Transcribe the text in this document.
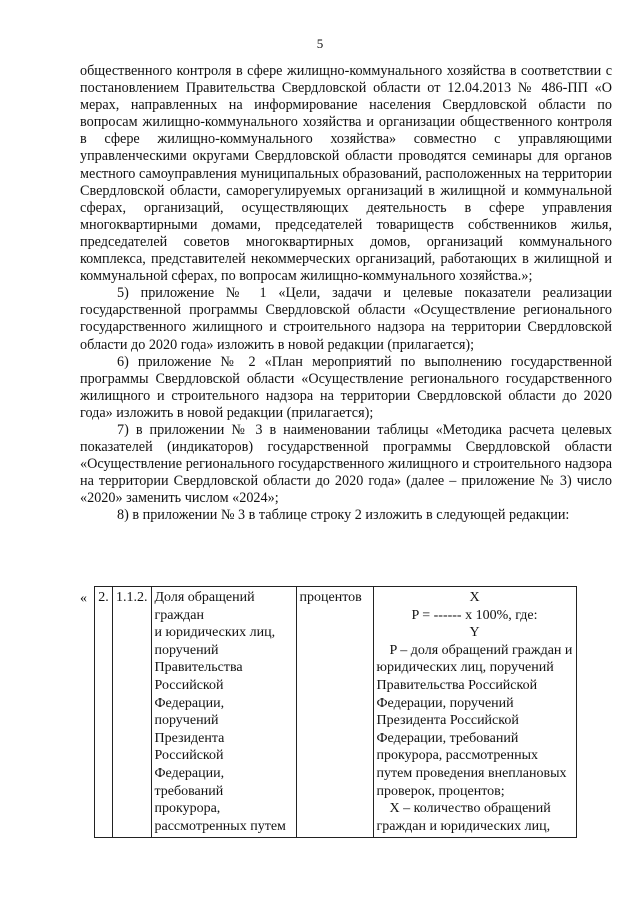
5

общественного контроля в сфере жилищно-коммунального хозяйства в соответствии с постановлением Правительства Свердловской области от 12.04.2013 № 486-ПП «О мерах, направленных на информирование населения Свердловской области по вопросам жилищно-коммунального хозяйства и организации общественного контроля в сфере жилищно-коммунального хозяйства» совместно с управляющими управленческими округами Свердловской области проводятся семинары для органов местного самоуправления муниципальных образований, расположенных на территории Свердловской области, саморегулируемых организаций в жилищной и коммунальной сферах, организаций, осуществляющих деятельность в сфере управления многоквартирными домами, председателей товариществ собственников жилья, председателей советов многоквартирных домов, организаций коммунального комплекса, представителей некоммерческих организаций, работающих в жилищной и коммунальной сферах, по вопросам жилищно-коммунального хозяйства.»;

5) приложение № 1 «Цели, задачи и целевые показатели реализации государственной программы Свердловской области «Осуществление регионального государственного жилищного и строительного надзора на территории Свердловской области до 2020 года» изложить в новой редакции (прилагается);

6) приложение № 2 «План мероприятий по выполнению государственной программы Свердловской области «Осуществление регионального государственного жилищного и строительного надзора на территории Свердловской области до 2020 года» изложить в новой редакции (прилагается);

7) в приложении № 3 в наименовании таблицы «Методика расчета целевых показателей (индикаторов) государственной программы Свердловской области «Осуществление регионального государственного жилищного и строительного надзора на территории Свердловской области до 2020 года» (далее – приложение № 3) число «2020» заменить числом «2024»;

8) в приложении № 3 в таблице строку 2 изложить в следующей редакции:

« 2.	1.1.2.	Доля обращений
граждан
и юридических лиц,
поручений
Правительства
Российской
Федерации,
поручений
Президента
Российской
Федерации,
требований
прокурора,
рассмотренных путем
	процентов	X
P = ------ x 100%, где:
Y
P – доля обращений граждан и юридических лиц, поручений Правительства Российской Федерации, поручений Президента Российской Федерации, требований прокурора, рассмотренных путем проведения внеплановых проверок, процентов;
X – количество обращений граждан и юридических лиц,
